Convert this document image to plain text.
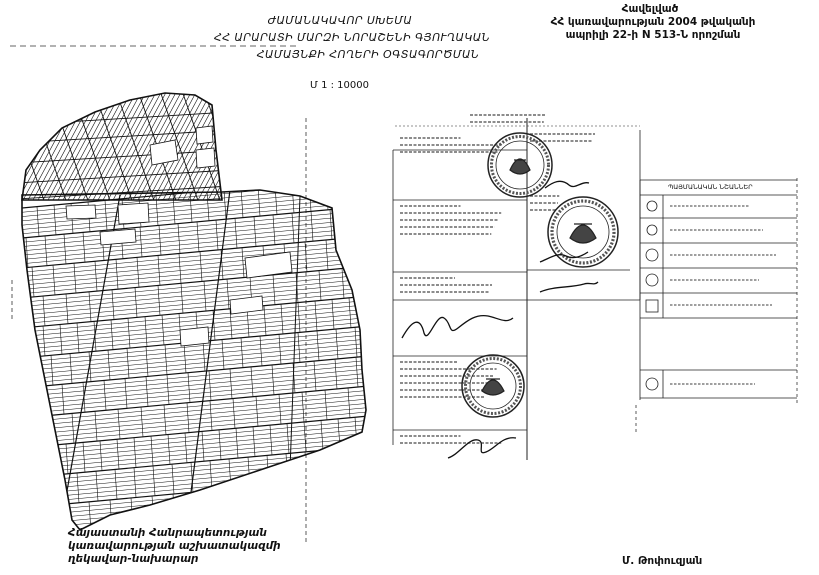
ԺԱՄԱՆԱԿԱՎՈՐ ՍԽԵՄԱ
ՀՀ ԱՐԱՐԱՏԻ ՄԱՐԶԻ ՆՈՐԱՇԵՆԻ ԳՅՈՒՂԱԿԱՆ
ՀԱՄԱՅՆՔԻ ՀՈՂԵՐԻ ՕԳՏԱԳՈՐԾՄԱՆ
Մ 1 : 10000
Հավելված
ՀՀ կառավարության 2004 թվականի
ապրիլի 22-ի N 513-Ն որոշման
ՊԱՅՄԱՆԱԿԱՆ ՆՇԱՆՆԵՐ
Հայաստանի Հանրապետության
կառավարության աշխատակազմի
ղեկավար-նախարար	Մ. Թոփուզյան
